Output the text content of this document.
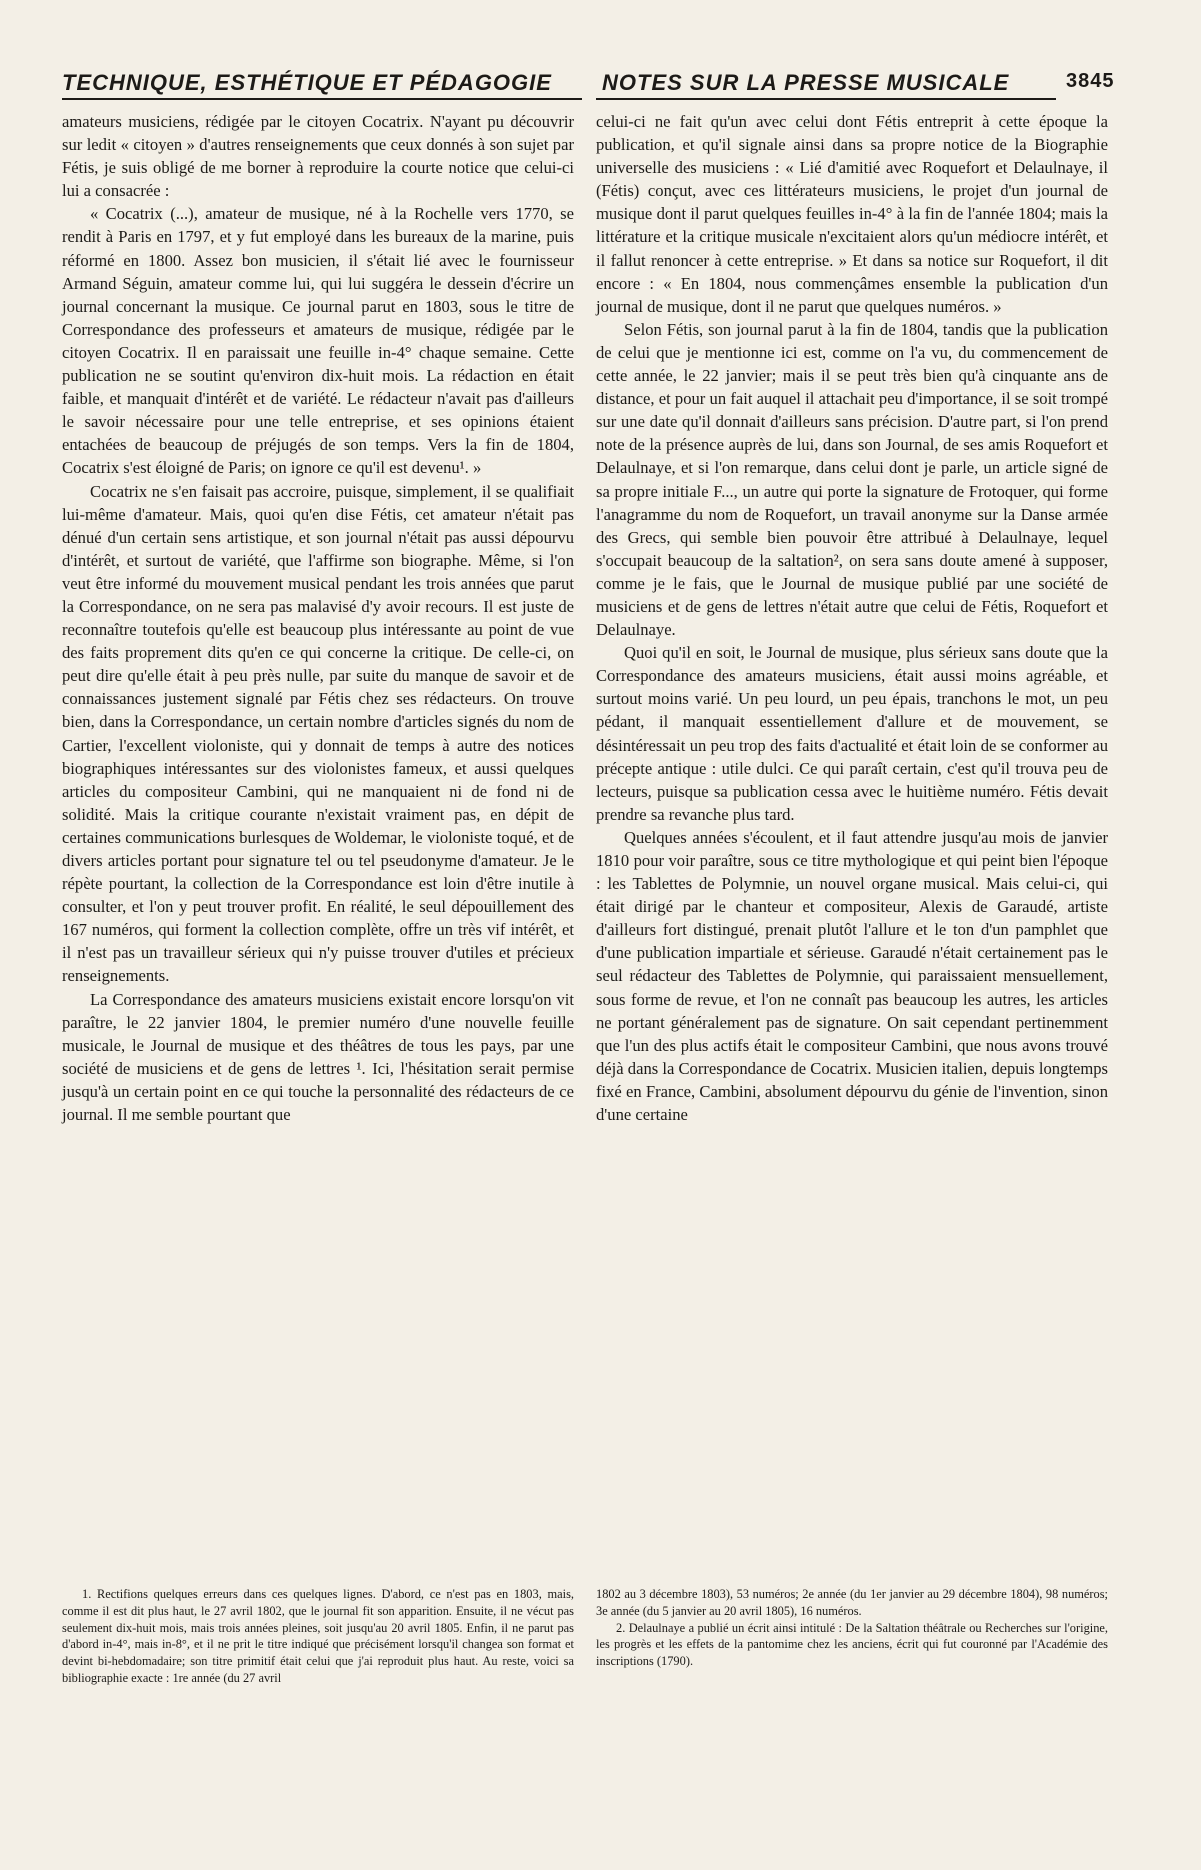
TECHNIQUE, ESTHÉTIQUE ET PÉDAGOGIE NOTES SUR LA PRESSE MUSICALE	3845

amateurs musiciens, rédigée par le citoyen Cocatrix. N'ayant pu découvrir sur ledit « citoyen » d'autres renseignements que ceux donnés à son sujet par Fétis, je suis obligé de me borner à reproduire la courte notice que celui-ci lui a consacrée :

« Cocatrix (...), amateur de musique, né à la Rochelle vers 1770, se rendit à Paris en 1797, et y fut employé dans les bureaux de la marine, puis réformé en 1800. Assez bon musicien, il s'était lié avec le fournisseur Armand Séguin, amateur comme lui, qui lui suggéra le dessein d'écrire un journal concernant la musique. Ce journal parut en 1803, sous le titre de Correspondance des professeurs et amateurs de musique, rédigée par le citoyen Cocatrix. Il en paraissait une feuille in-4° chaque semaine. Cette publication ne se soutint qu'environ dix-huit mois. La rédaction en était faible, et manquait d'intérêt et de variété. Le rédacteur n'avait pas d'ailleurs le savoir nécessaire pour une telle entreprise, et ses opinions étaient entachées de beaucoup de préjugés de son temps. Vers la fin de 1804, Cocatrix s'est éloigné de Paris; on ignore ce qu'il est devenu¹. »

Cocatrix ne s'en faisait pas accroire, puisque, simplement, il se qualifiait lui-même d'amateur. Mais, quoi qu'en dise Fétis, cet amateur n'était pas dénué d'un certain sens artistique, et son journal n'était pas aussi dépourvu d'intérêt, et surtout de variété, que l'affirme son biographe. Même, si l'on veut être informé du mouvement musical pendant les trois années que parut la Correspondance, on ne sera pas malavisé d'y avoir recours. Il est juste de reconnaître toutefois qu'elle est beaucoup plus intéressante au point de vue des faits proprement dits qu'en ce qui concerne la critique. De celle-ci, on peut dire qu'elle était à peu près nulle, par suite du manque de savoir et de connaissances justement signalé par Fétis chez ses rédacteurs. On trouve bien, dans la Correspondance, un certain nombre d'articles signés du nom de Cartier, l'excellent violoniste, qui y donnait de temps à autre des notices biographiques intéressantes sur des violonistes fameux, et aussi quelques articles du compositeur Cambini, qui ne manquaient ni de fond ni de solidité. Mais la critique courante n'existait vraiment pas, en dépit de certaines communications burlesques de Woldemar, le violoniste toqué, et de divers articles portant pour signature tel ou tel pseudonyme d'amateur. Je le répète pourtant, la collection de la Correspondance est loin d'être inutile à consulter, et l'on y peut trouver profit. En réalité, le seul dépouillement des 167 numéros, qui forment la collection complète, offre un très vif intérêt, et il n'est pas un travailleur sérieux qui n'y puisse trouver d'utiles et précieux renseignements.

La Correspondance des amateurs musiciens existait encore lorsqu'on vit paraître, le 22 janvier 1804, le premier numéro d'une nouvelle feuille musicale, le Journal de musique et des théâtres de tous les pays, par une société de musiciens et de gens de lettres ¹. Ici, l'hésitation serait permise jusqu'à un certain point en ce qui touche la personnalité des rédacteurs de ce journal. Il me semble pourtant que

celui-ci ne fait qu'un avec celui dont Fétis entreprit à cette époque la publication, et qu'il signale ainsi dans sa propre notice de la Biographie universelle des musiciens : « Lié d'amitié avec Roquefort et Delaulnaye, il (Fétis) conçut, avec ces littérateurs musiciens, le projet d'un journal de musique dont il parut quelques feuilles in-4° à la fin de l'année 1804; mais la littérature et la critique musicale n'excitaient alors qu'un médiocre intérêt, et il fallut renoncer à cette entreprise. » Et dans sa notice sur Roquefort, il dit encore : « En 1804, nous commençâmes ensemble la publication d'un journal de musique, dont il ne parut que quelques numéros. »

Selon Fétis, son journal parut à la fin de 1804, tandis que la publication de celui que je mentionne ici est, comme on l'a vu, du commencement de cette année, le 22 janvier; mais il se peut très bien qu'à cinquante ans de distance, et pour un fait auquel il attachait peu d'importance, il se soit trompé sur une date qu'il donnait d'ailleurs sans précision. D'autre part, si l'on prend note de la présence auprès de lui, dans son Journal, de ses amis Roquefort et Delaulnaye, et si l'on remarque, dans celui dont je parle, un article signé de sa propre initiale F..., un autre qui porte la signature de Frotoquer, qui forme l'anagramme du nom de Roquefort, un travail anonyme sur la Danse armée des Grecs, qui semble bien pouvoir être attribué à Delaulnaye, lequel s'occupait beaucoup de la saltation², on sera sans doute amené à supposer, comme je le fais, que le Journal de musique publié par une société de musiciens et de gens de lettres n'était autre que celui de Fétis, Roquefort et Delaulnaye.

Quoi qu'il en soit, le Journal de musique, plus sérieux sans doute que la Correspondance des amateurs musiciens, était aussi moins agréable, et surtout moins varié. Un peu lourd, un peu épais, tranchons le mot, un peu pédant, il manquait essentiellement d'allure et de mouvement, se désintéressait un peu trop des faits d'actualité et était loin de se conformer au précepte antique : utile dulci. Ce qui paraît certain, c'est qu'il trouva peu de lecteurs, puisque sa publication cessa avec le huitième numéro. Fétis devait prendre sa revanche plus tard.

Quelques années s'écoulent, et il faut attendre jusqu'au mois de janvier 1810 pour voir paraître, sous ce titre mythologique et qui peint bien l'époque : les Tablettes de Polymnie, un nouvel organe musical. Mais celui-ci, qui était dirigé par le chanteur et compositeur, Alexis de Garaudé, artiste d'ailleurs fort distingué, prenait plutôt l'allure et le ton d'un pamphlet que d'une publication impartiale et sérieuse. Garaudé n'était certainement pas le seul rédacteur des Tablettes de Polymnie, qui paraissaient mensuellement, sous forme de revue, et l'on ne connaît pas beaucoup les autres, les articles ne portant généralement pas de signature. On sait cependant pertinemment que l'un des plus actifs était le compositeur Cambini, que nous avons trouvé déjà dans la Correspondance de Cocatrix. Musicien italien, depuis longtemps fixé en France, Cambini, absolument dépourvu du génie de l'invention, sinon d'une certaine

1. Rectifions quelques erreurs dans ces quelques lignes. D'abord, ce n'est pas en 1803, mais, comme il est dit plus haut, le 27 avril 1802, que le journal fit son apparition. Ensuite, il ne vécut pas seulement dix-huit mois, mais trois années pleines, soit jusqu'au 20 avril 1805. Enfin, il ne parut pas d'abord in-4°, mais in-8°, et il ne prit le titre indiqué que précisément lorsqu'il changea son format et devint bi-hebdomadaire; son titre primitif était celui que j'ai reproduit plus haut. Au reste, voici sa bibliographie exacte : 1re année (du 27 avril

1802 au 3 décembre 1803), 53 numéros; 2e année (du 1er janvier au 29 décembre 1804), 98 numéros; 3e année (du 5 janvier au 20 avril 1805), 16 numéros.

2. Delaulnaye a publié un écrit ainsi intitulé : De la Saltation théâtrale ou Recherches sur l'origine, les progrès et les effets de la pantomime chez les anciens, écrit qui fut couronné par l'Académie des inscriptions (1790).
